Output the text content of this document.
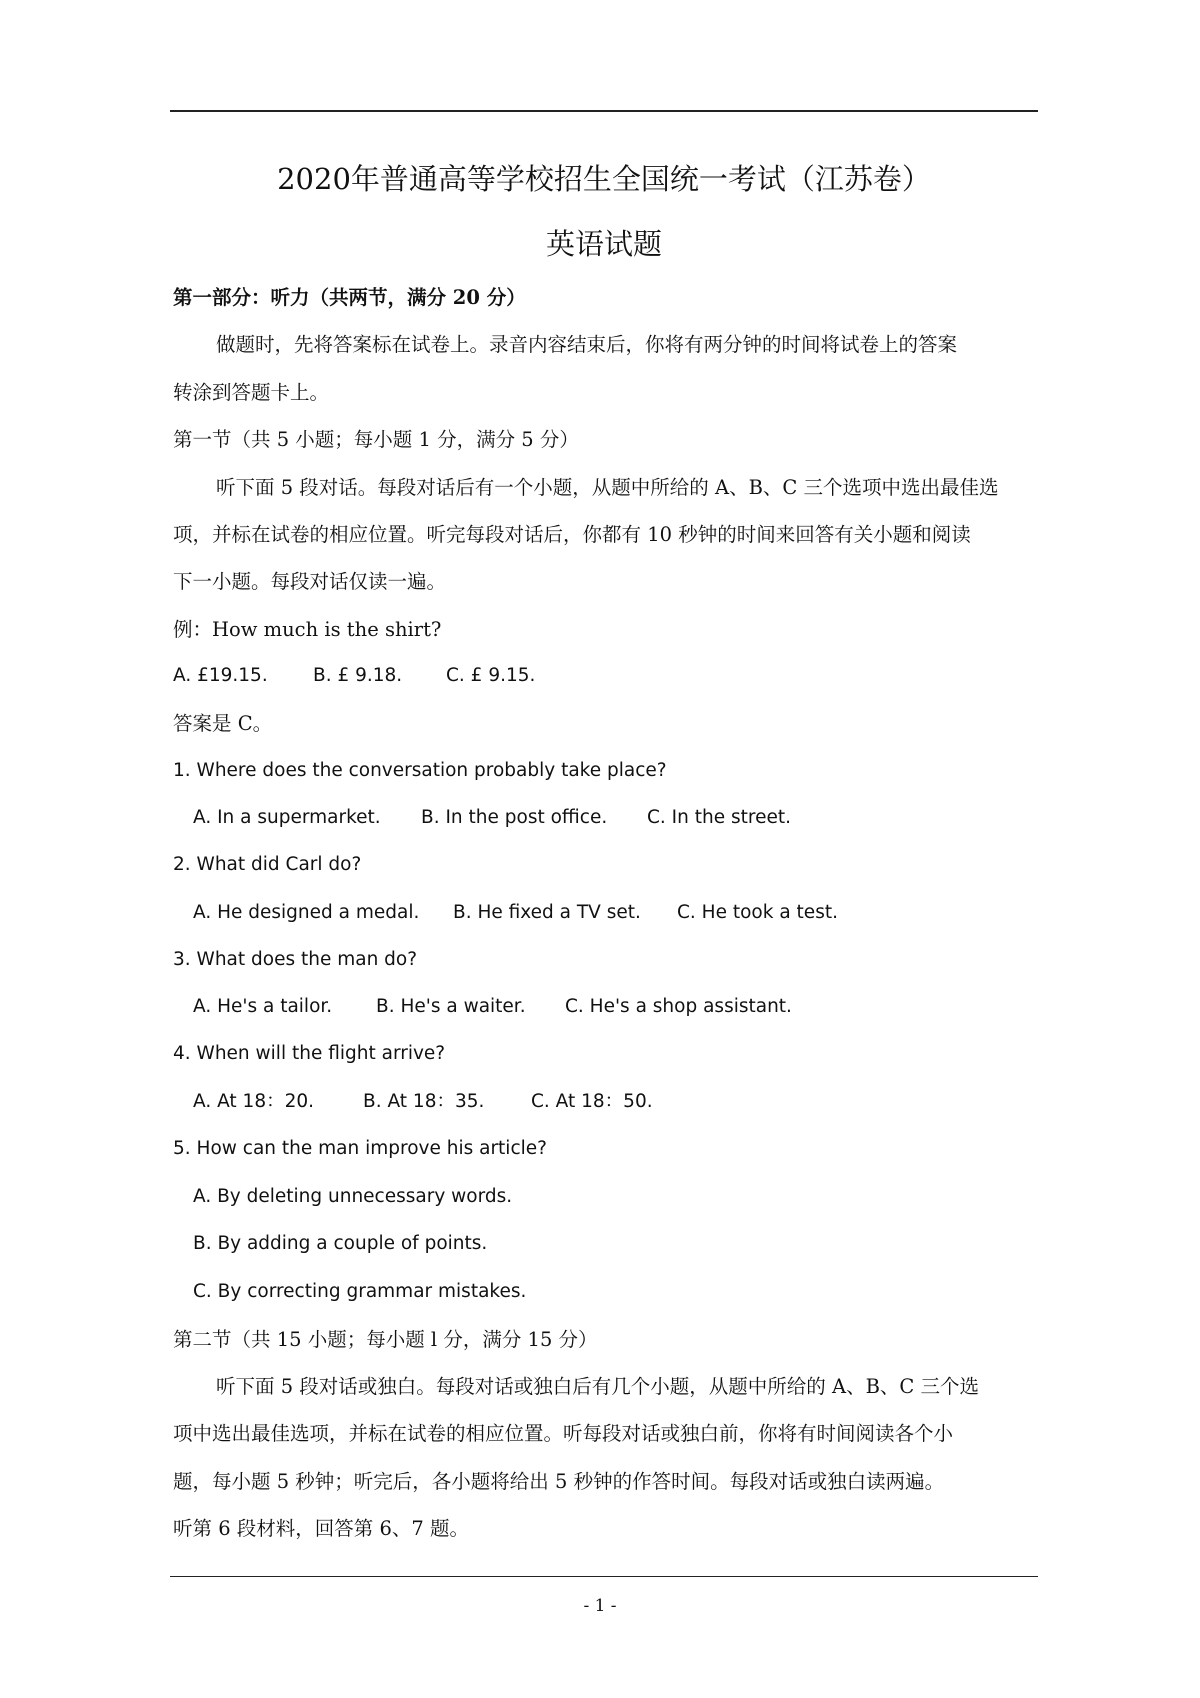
2020年普通高等学校招生全国统一考试（江苏卷）
英语试题
第一部分：听力（共两节，满分 20 分）
做题时，先将答案标在试卷上。录音内容结束后，你将有两分钟的时间将试卷上的答案
转涂到答题卡上。
第一节（共 5 小题；每小题 1 分，满分 5 分）
听下面 5 段对话。每段对话后有一个小题，从题中所给的 A、B、C 三个选项中选出最佳选
项，并标在试卷的相应位置。听完每段对话后，你都有 10 秒钟的时间来回答有关小题和阅读
下一小题。每段对话仅读一遍。
例：How much is the shirt?
A. £19.15. B. £ 9.18. C. £ 9.15.
答案是 C。
1. Where does the conversation probably take place?
A. In a supermarket. B. In the post office. C. In the street.
2. What did Carl do?
A. He designed a medal. B. He fixed a TV set. C. He took a test.
3. What does the man do?
A. He's a tailor. B. He's a waiter. C. He's a shop assistant.
4. When will the flight arrive?
A. At 18：20.	B. At 18：35.	C. At 18：50.
5. How can the man improve his article?
A. By deleting unnecessary words.
B. By adding a couple of points.
C. By correcting grammar mistakes.
第二节（共 15 小题；每小题 l 分，满分 15 分）
听下面 5 段对话或独白。每段对话或独白后有几个小题，从题中所给的 A、B、C 三个选
项中选出最佳选项，并标在试卷的相应位置。听每段对话或独白前，你将有时间阅读各个小
题，每小题 5 秒钟；听完后，各小题将给出 5 秒钟的作答时间。每段对话或独白读两遍。
听第 6 段材料，回答第 6、7 题。
- 1 -
